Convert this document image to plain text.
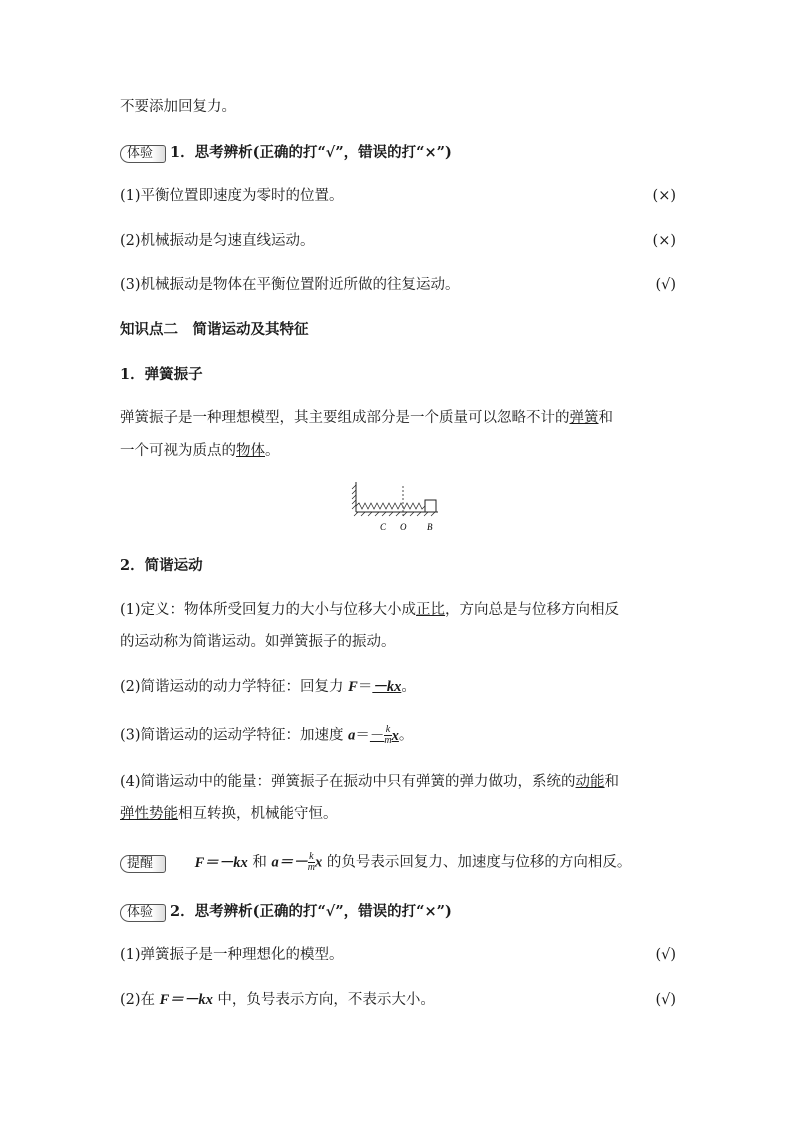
不要添加回复力。
体验 1．思考辨析(正确的打“√”，错误的打“×”)
(1)平衡位置即速度为零时的位置。	(×)
(2)机械振动是匀速直线运动。	(×)
(3)机械振动是物体在平衡位置附近所做的往复运动。	(√)
知识点二　简谐运动及其特征
1．弹簧振子
弹簧振子是一种理想模型，其主要组成部分是一个质量可以忽略不计的弹簧和
一个可视为质点的物体。
C O B
2．简谐运动
(1)定义：物体所受回复力的大小与位移大小成正比，方向总是与位移方向相反
的运动称为简谐运动。如弹簧振子的振动。
(2)简谐运动的动力学特征：回复力 F＝－kx。
(3)简谐运动的运动学特征：加速度 $a=- \frac{k}{m}$ x。
(4)简谐运动中的能量：弹簧振子在振动中只有弹簧的弹力做功，系统的动能和
弹性势能相互转换，机械能守恒。
提醒	F＝－kx 和 $a=- \frac{k}{m}$ x 的负号表示回复力、加速度与位移的方向相反。
体验 2．思考辨析(正确的打“√”，错误的打“×”)
(1)弹簧振子是一种理想化的模型。	(√)
(2)在 F＝－kx 中，负号表示方向，不表示大小。	(√)
